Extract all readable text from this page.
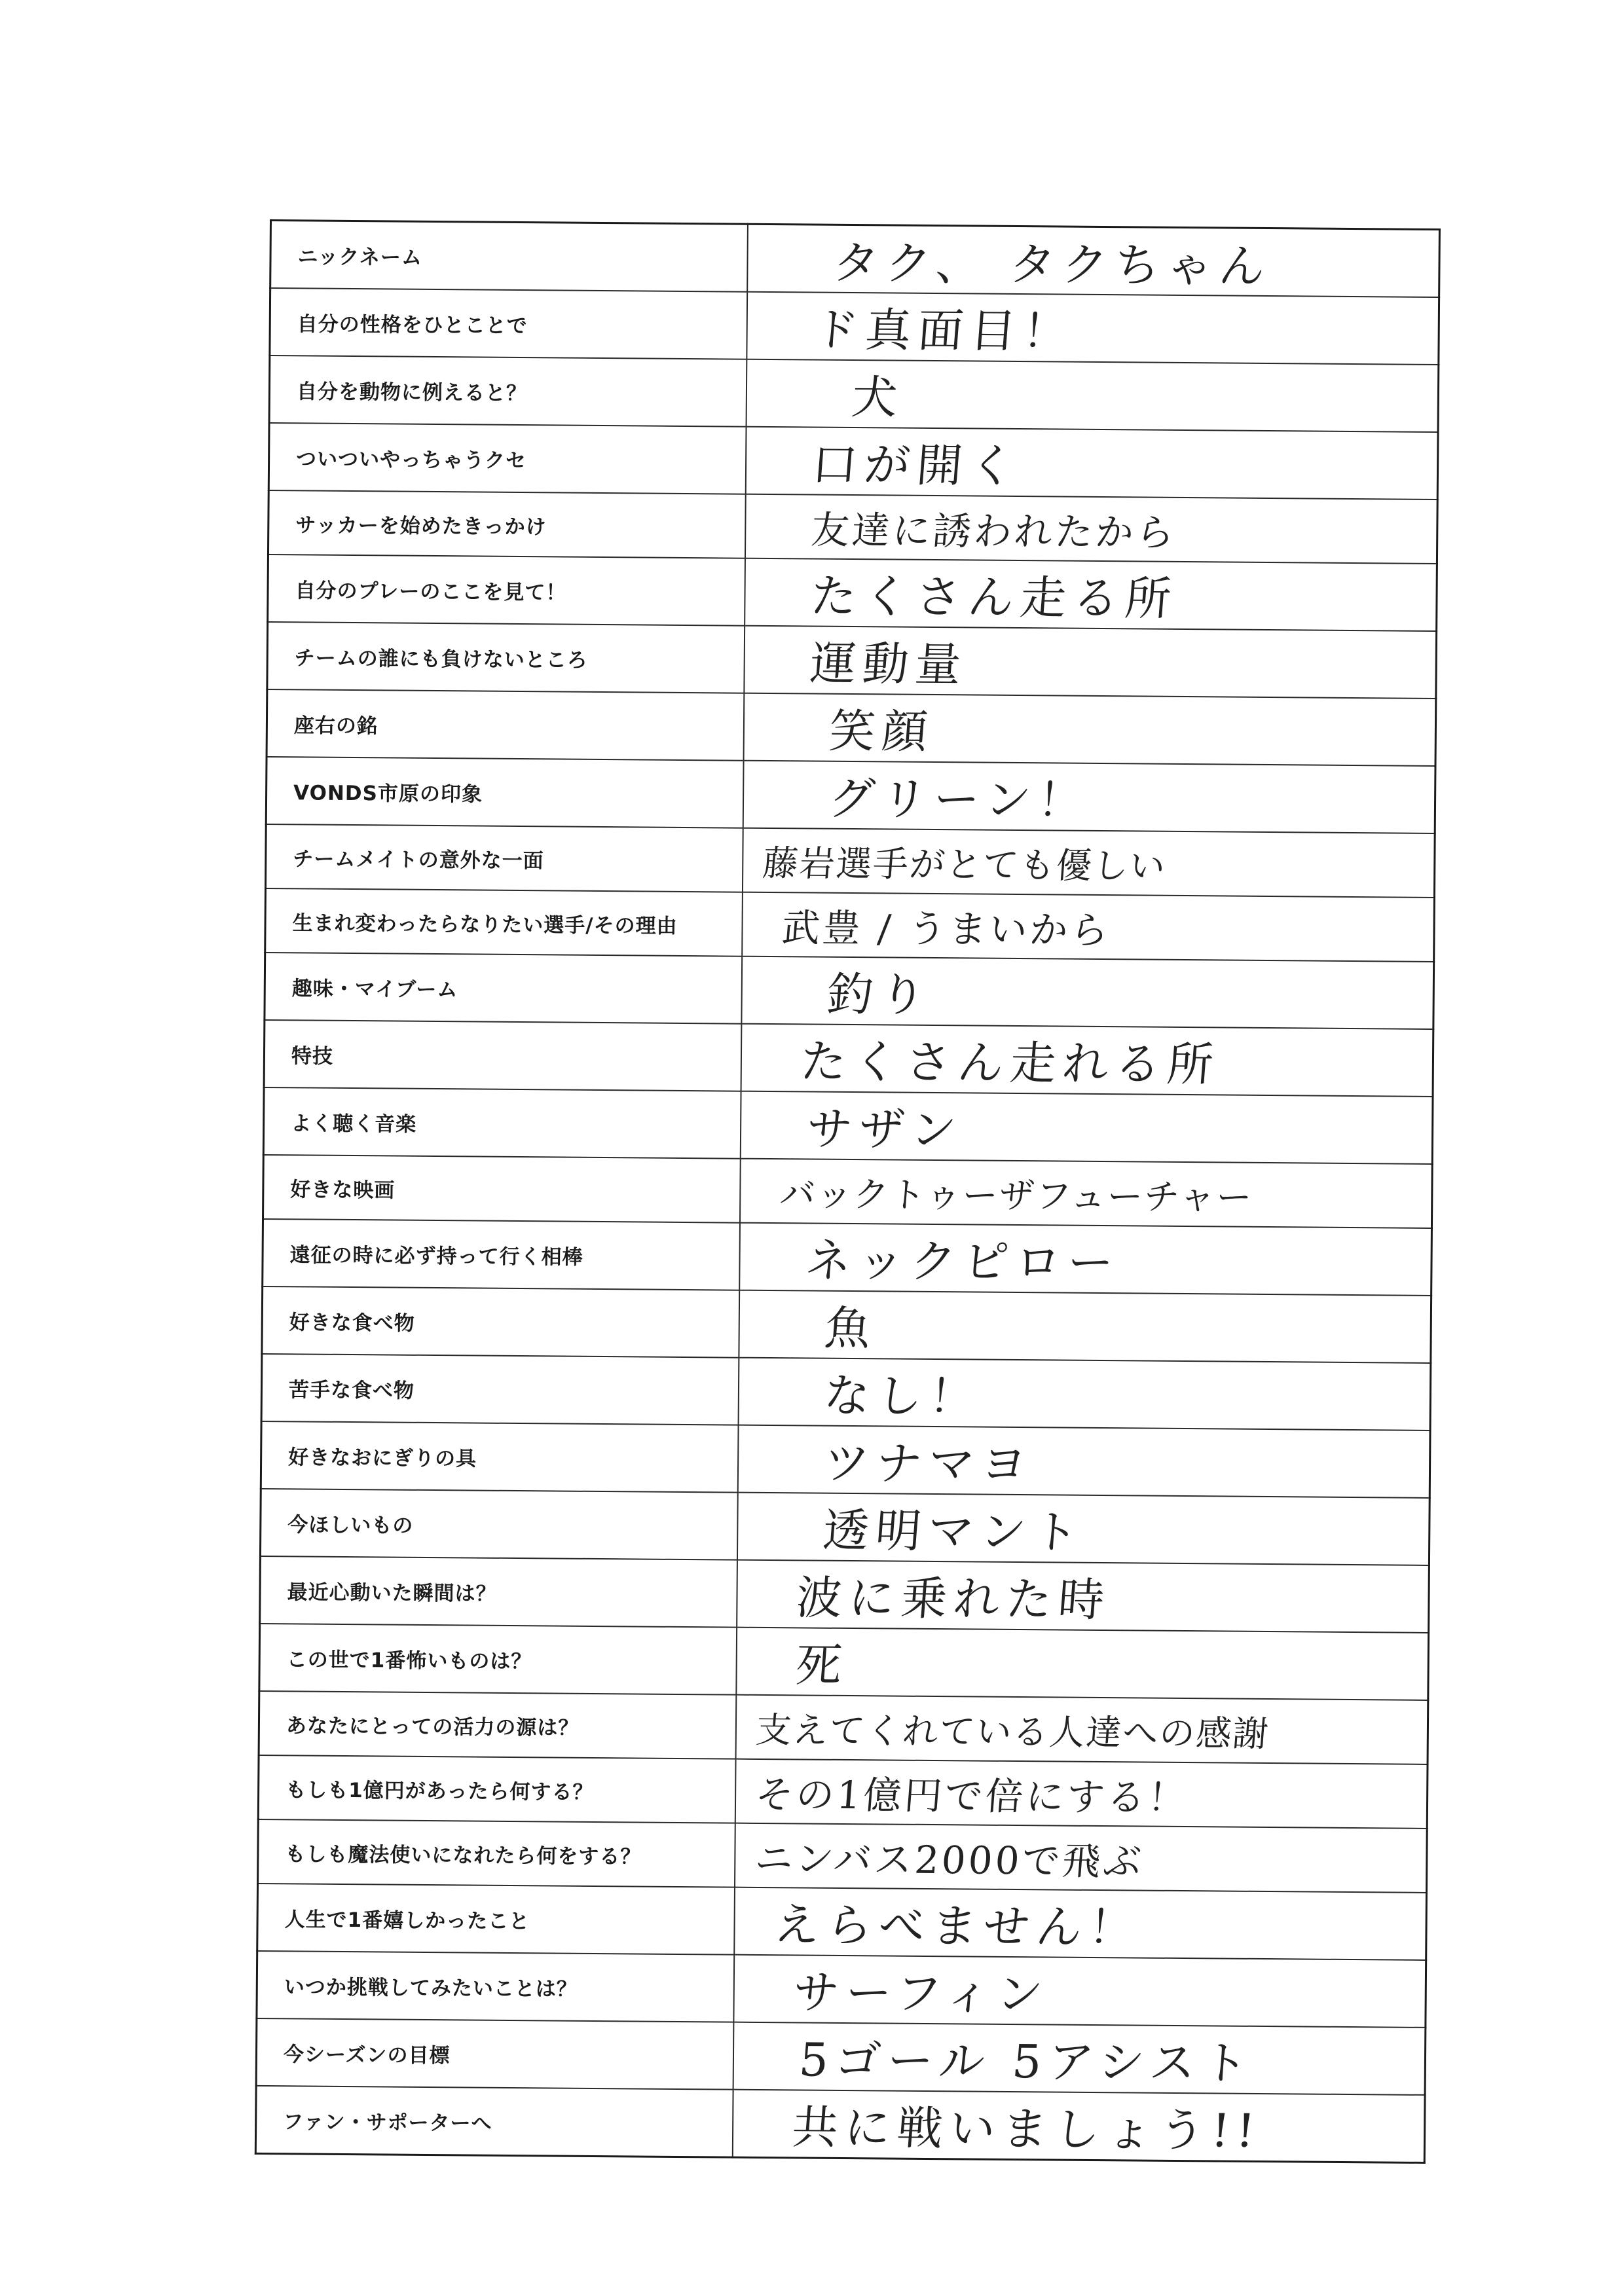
ニックネーム	タク、 タクちゃん
自分の性格をひとことで	ド真面目！
自分を動物に例えると？	犬
ついついやっちゃうクセ	口が開く
サッカーを始めたきっかけ	友達に誘われたから
自分のプレーのここを見て！	たくさん走る所
チームの誰にも負けないところ	運動量
座右の銘	笑顔
VONDS市原の印象	グリーン！
チームメイトの意外な一面	藤岩選手がとても優しい
生まれ変わったらなりたい選手/その理由	武豊 / うまいから
趣味・マイブーム	釣り
特技	たくさん走れる所
よく聴く音楽	サザン
好きな映画	バックトゥーザフューチャー
遠征の時に必ず持って行く相棒	ネックピロー
好きな食べ物	魚
苦手な食べ物	なし！
好きなおにぎりの具	ツナマヨ
今ほしいもの	透明マント
最近心動いた瞬間は？	波に乗れた時
この世で1番怖いものは？	死
あなたにとっての活力の源は？	支えてくれている人達への感謝
もしも1億円があったら何する？	その1億円で倍にする！
もしも魔法使いになれたら何をする？	ニンバス2000で飛ぶ
人生で1番嬉しかったこと	えらべません！
いつか挑戦してみたいことは？	サーフィン
今シーズンの目標	5ゴール 5アシスト
ファン・サポーターへ	共に戦いましょう!!
